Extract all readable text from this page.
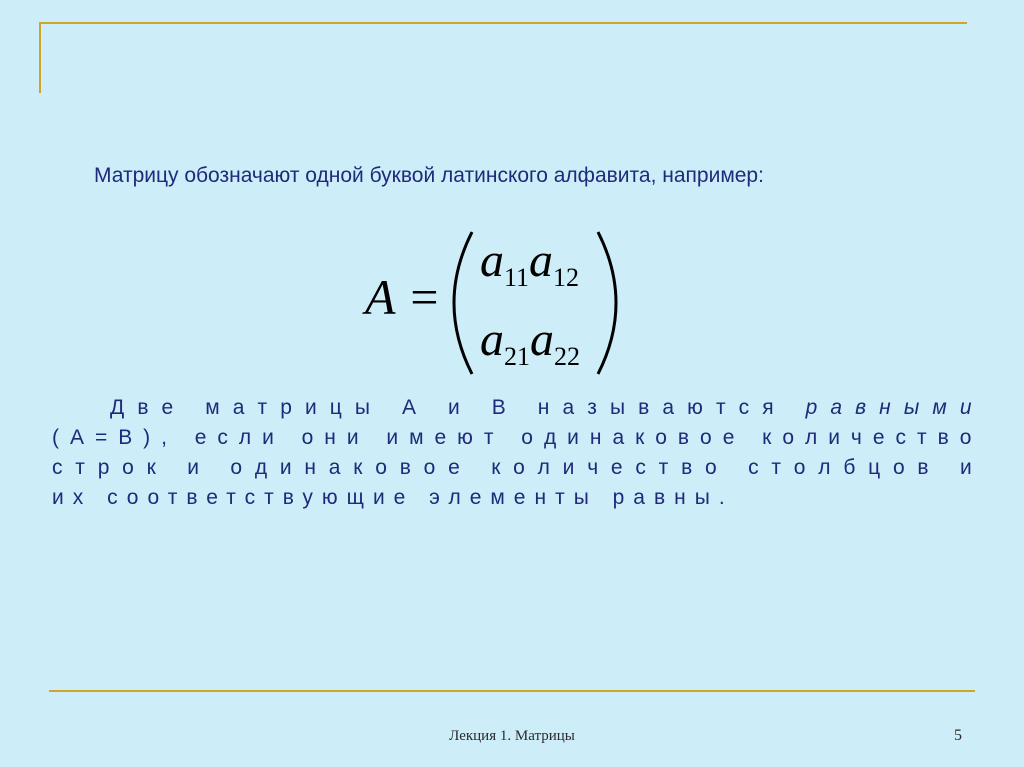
Матрицу обозначают одной буквой латинского алфавита, например:
A =
$a_{11}a_{12}$
$a_{21}a_{22}$
Д в е
м а т р и ц ы
А
и
В
н а з ы в а ю т с я
р а в н ы м и
( А = В ) ,
е с л и
о н и
и м е ю т
о д и н а к о в о е
к о л и ч е с т в о
с т р о к
и
о д и н а к о в о е
к о л и ч е с т в о
с т о л б ц о в
и
их соответствующие элементы равны.
Лекция 1. Матрицы	5
